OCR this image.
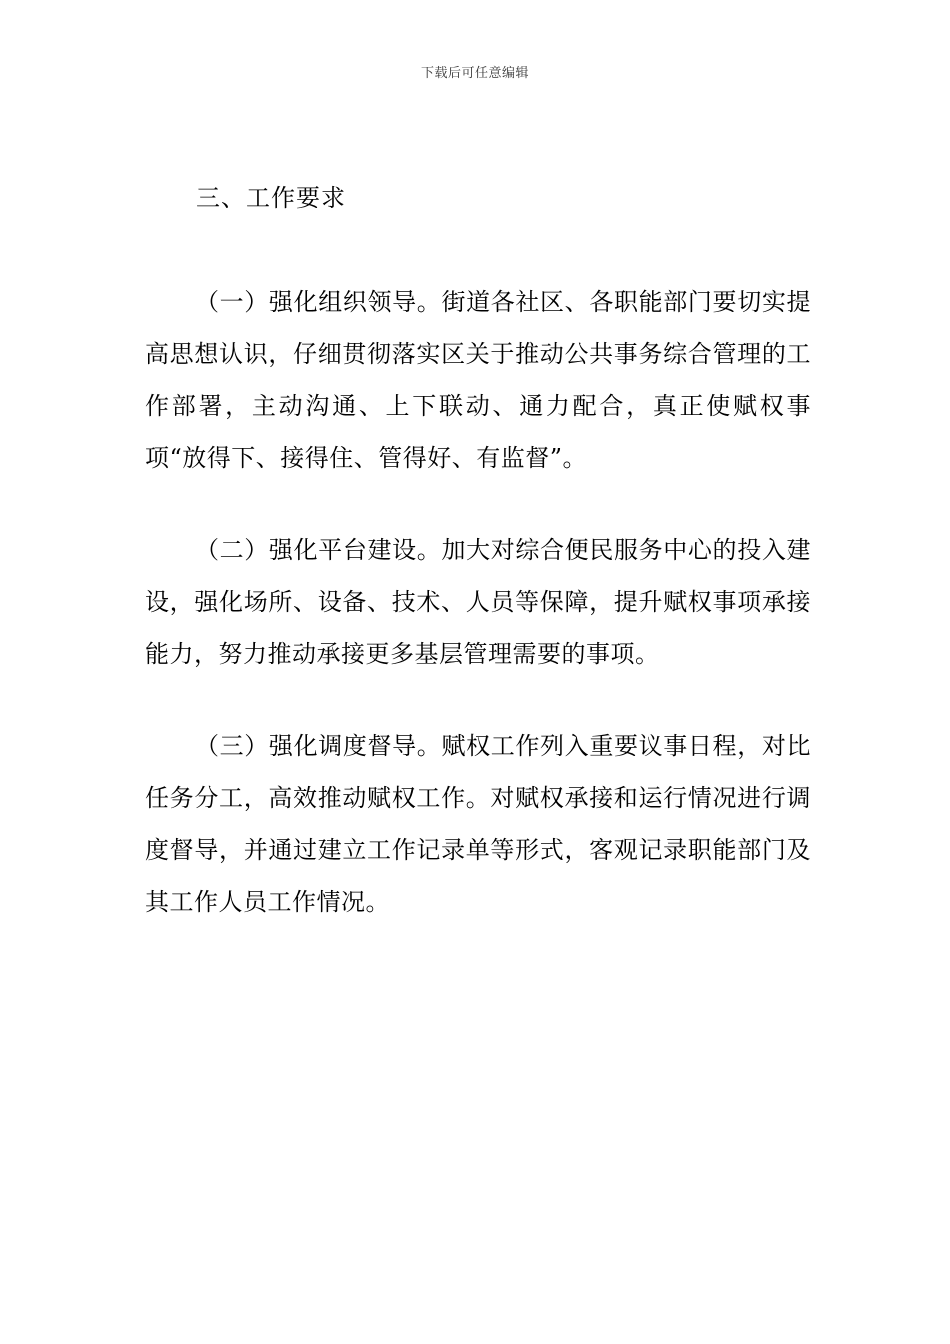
下载后可任意编辑
三、工作要求

（一）强化组织领导。街道各社区、各职能部门要切实提高思想认识，仔细贯彻落实区关于推动公共事务综合管理的工作部署，主动沟通、上下联动、通力配合，真正使赋权事项“放得下、接得住、管得好、有监督”。

（二）强化平台建设。加大对综合便民服务中心的投入建设，强化场所、设备、技术、人员等保障，提升赋权事项承接能力，努力推动承接更多基层管理需要的事项。

（三）强化调度督导。赋权工作列入重要议事日程，对比任务分工，高效推动赋权工作。对赋权承接和运行情况进行调度督导，并通过建立工作记录单等形式，客观记录职能部门及其工作人员工作情况。
